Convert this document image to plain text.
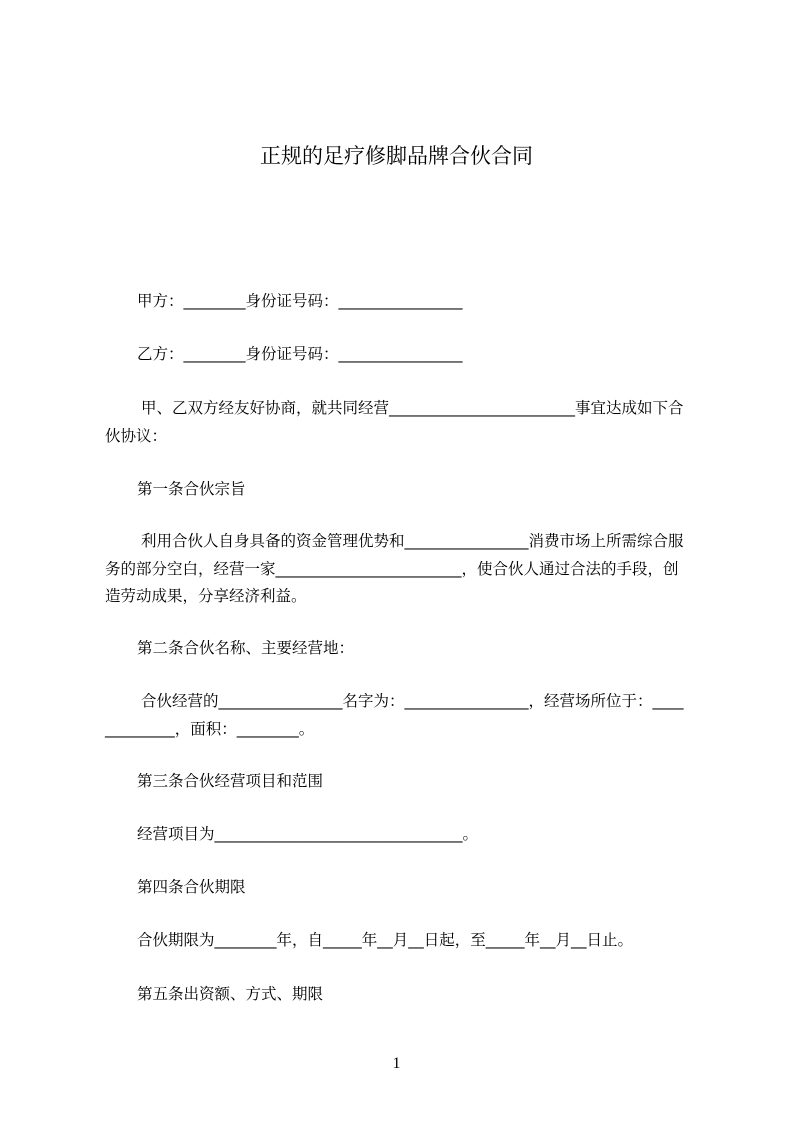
正规的足疗修脚品牌合伙合同
甲方：________身份证号码：________________
乙方：________身份证号码：________________
甲、乙双方经友好协商，就共同经营________________________事宜达成如下合
伙协议：
第一条合伙宗旨
利用合伙人自身具备的资金管理优势和________________消费市场上所需综合服
务的部分空白，经营一家________________________，使合伙人通过合法的手段，创
造劳动成果，分享经济利益。
第二条合伙名称、主要经营地：
合伙经营的________________名字为：________________，经营场所位于：____
_________，面积：________。
第三条合伙经营项目和范围
经营项目为________________________________。
第四条合伙期限
合伙期限为________年，自_____年__月__日起，至_____年__月__日止。
第五条出资额、方式、期限
1
